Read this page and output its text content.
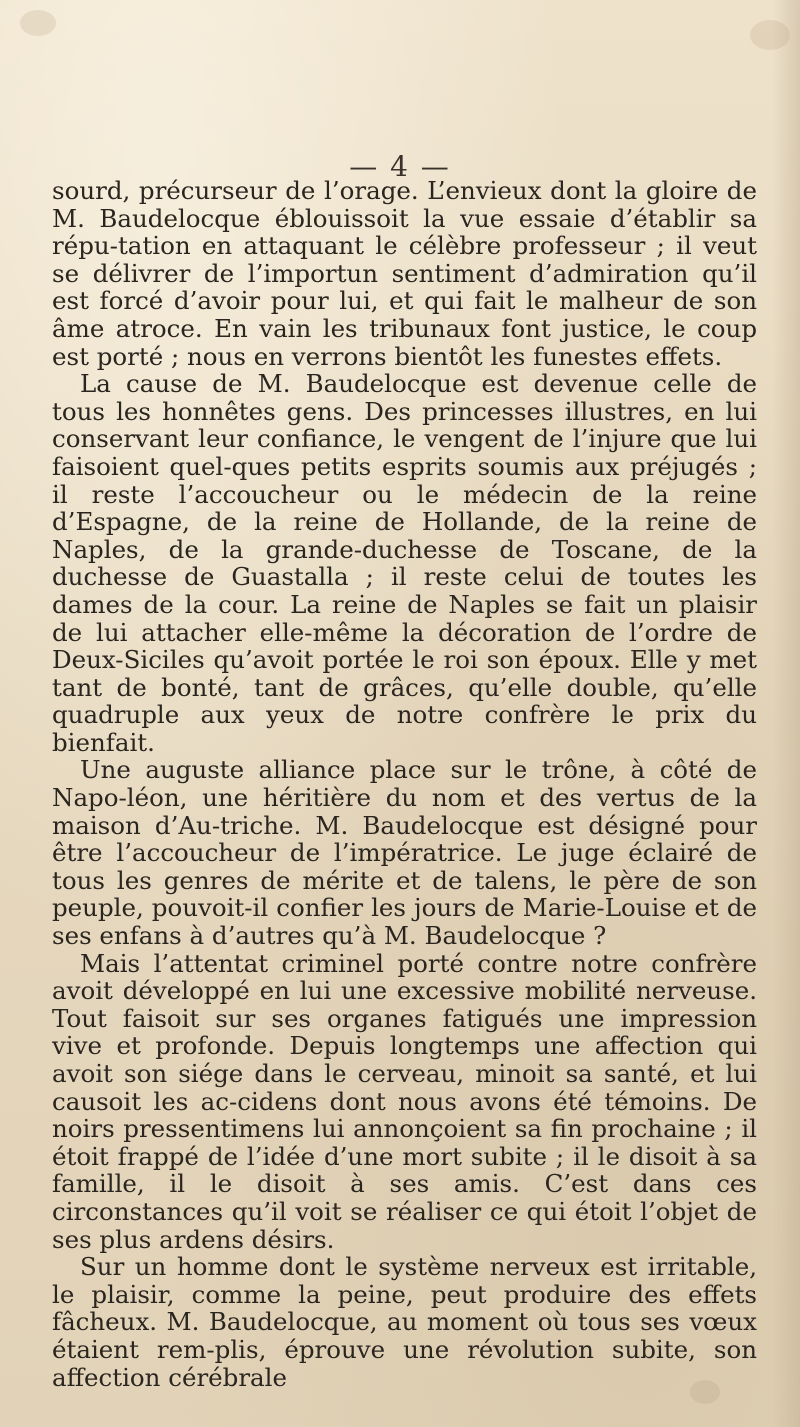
— 4 —

sourd, précurseur de l’orage. L’envieux dont la gloire de M. Baudelocque éblouissoit la vue essaie d’établir sa répu-tation en attaquant le célèbre professeur ; il veut se délivrer de l’importun sentiment d’admiration qu’il est forcé d’avoir pour lui, et qui fait le malheur de son âme atroce. En vain les tribunaux font justice, le coup est porté ; nous en verrons bientôt les funestes effets.

La cause de M. Baudelocque est devenue celle de tous les honnêtes gens. Des princesses illustres, en lui conservant leur confiance, le vengent de l’injure que lui faisoient quel-ques petits esprits soumis aux préjugés ; il reste l’accoucheur ou le médecin de la reine d’Espagne, de la reine de Hollande, de la reine de Naples, de la grande-duchesse de Toscane, de la duchesse de Guastalla ; il reste celui de toutes les dames de la cour. La reine de Naples se fait un plaisir de lui attacher elle-même la décoration de l’ordre de Deux-Siciles qu’avoit portée le roi son époux. Elle y met tant de bonté, tant de grâces, qu’elle double, qu’elle quadruple aux yeux de notre confrère le prix du bienfait.

Une auguste alliance place sur le trône, à côté de Napo-léon, une héritière du nom et des vertus de la maison d’Au-triche. M. Baudelocque est désigné pour être l’accoucheur de l’impératrice. Le juge éclairé de tous les genres de mérite et de talens, le père de son peuple, pouvoit-il confier les jours de Marie-Louise et de ses enfans à d’autres qu’à M. Baudelocque ?

Mais l’attentat criminel porté contre notre confrère avoit développé en lui une excessive mobilité nerveuse. Tout faisoit sur ses organes fatigués une impression vive et profonde. Depuis longtemps une affection qui avoit son siége dans le cerveau, minoit sa santé, et lui causoit les ac-cidens dont nous avons été témoins. De noirs pressentimens lui annonçoient sa fin prochaine ; il étoit frappé de l’idée d’une mort subite ; il le disoit à sa famille, il le disoit à ses amis. C’est dans ces circonstances qu’il voit se réaliser ce qui étoit l’objet de ses plus ardens désirs.

Sur un homme dont le système nerveux est irritable, le plaisir, comme la peine, peut produire des effets fâcheux. M. Baudelocque, au moment où tous ses vœux étaient rem-plis, éprouve une révolution subite, son affection cérébrale
